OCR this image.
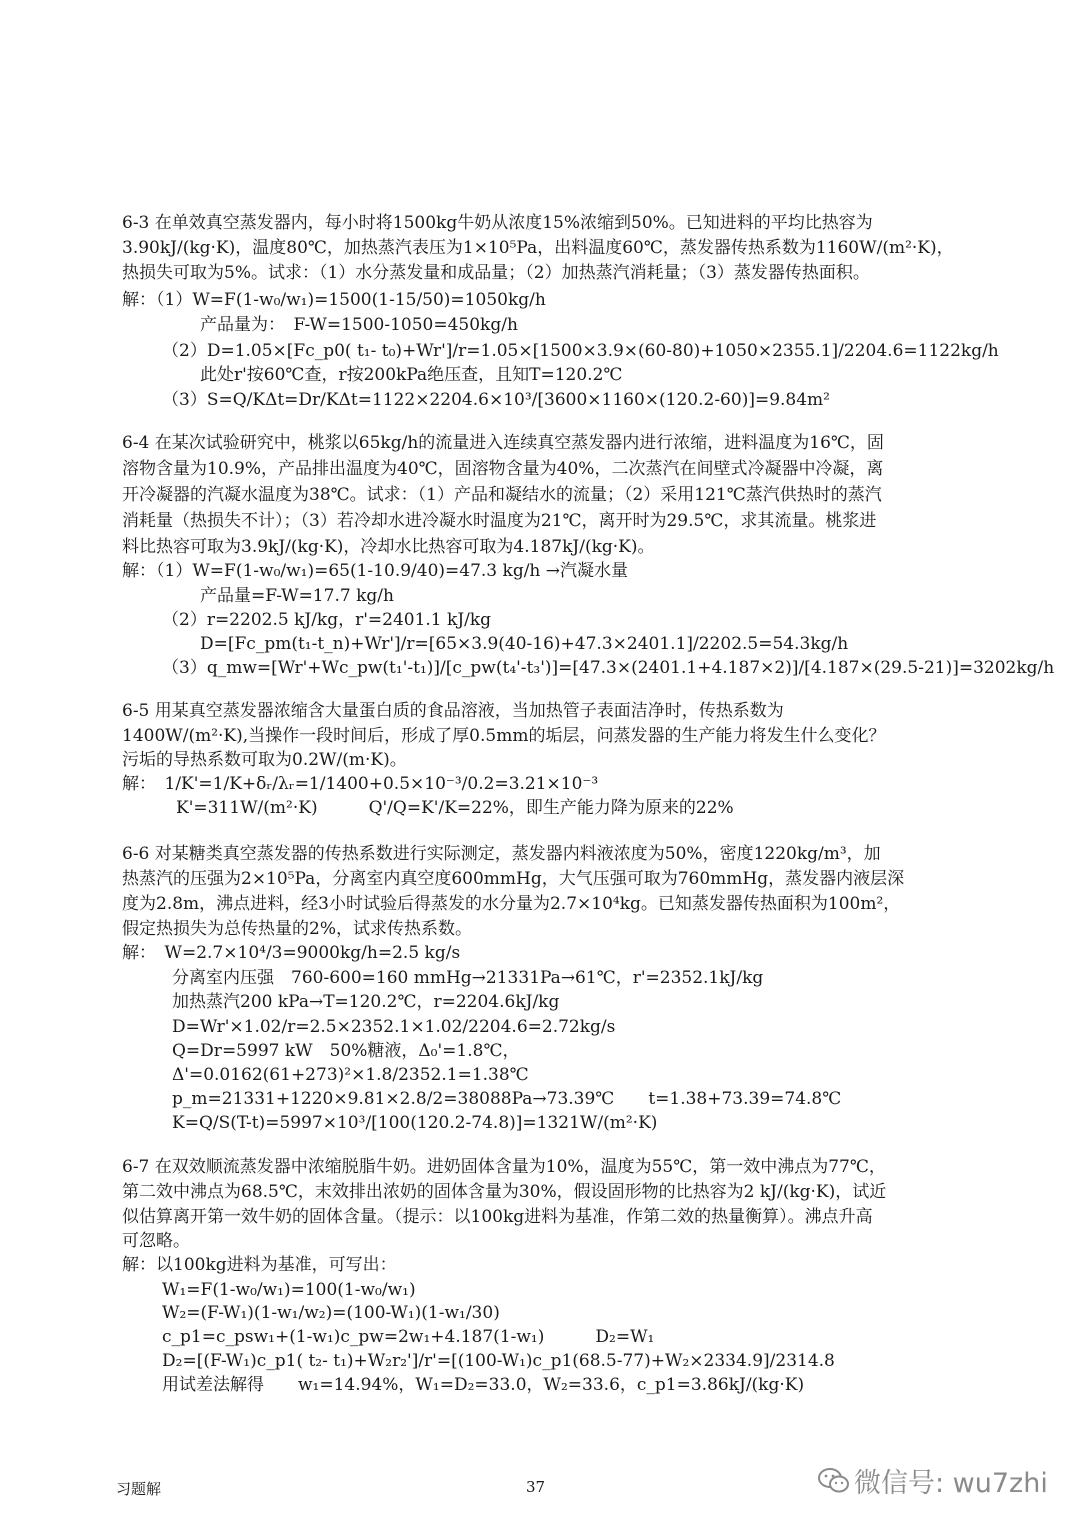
6-3 在单效真空蒸发器内，每小时将1500kg牛奶从浓度15%浓缩到50%。已知进料的平均比热容为
3.90kJ/(kg·K)，温度80℃，加热蒸汽表压为1×10⁵Pa，出料温度60℃，蒸发器传热系数为1160W/(m²·K)，
热损失可取为5%。试求：（1）水分蒸发量和成品量；（2）加热蒸汽消耗量；（3）蒸发器传热面积。
解：（1）W=F(1-w₀/w₁)=1500(1-15/50)=1050kg/h
产品量为：　F-W=1500-1050=450kg/h
（2）D=1.05×[Fc_p0( t₁- t₀)+Wr']/r=1.05×[1500×3.9×(60-80)+1050×2355.1]/2204.6=1122kg/h
此处r'按60℃查，r按200kPa绝压查，且知T=120.2℃
（3）S=Q/KΔt=Dr/KΔt=1122×2204.6×10³/[3600×1160×(120.2-60)]=9.84m²
6-4 在某次试验研究中，桃浆以65kg/h的流量进入连续真空蒸发器内进行浓缩，进料温度为16℃，固
溶物含量为10.9%，产品排出温度为40℃，固溶物含量为40%，二次蒸汽在间壁式冷凝器中冷凝，离
开冷凝器的汽凝水温度为38℃。试求：（1）产品和凝结水的流量；（2）采用121℃蒸汽供热时的蒸汽
消耗量（热损失不计）；（3）若冷却水进冷凝水时温度为21℃，离开时为29.5℃，求其流量。桃浆进
料比热容可取为3.9kJ/(kg·K)，冷却水比热容可取为4.187kJ/(kg·K)。
解：（1）W=F(1-w₀/w₁)=65(1-10.9/40)=47.3 kg/h →汽凝水量
产品量=F-W=17.7 kg/h
（2）r=2202.5 kJ/kg，r'=2401.1 kJ/kg
D=[Fc_pm(t₁-t_n)+Wr']/r=[65×3.9(40-16)+47.3×2401.1]/2202.5=54.3kg/h
（3）q_mw=[Wr'+Wc_pw(t₁'-t₁)]/[c_pw(t₄'-t₃')]=[47.3×(2401.1+4.187×2)]/[4.187×(29.5-21)]=3202kg/h
6-5 用某真空蒸发器浓缩含大量蛋白质的食品溶液，当加热管子表面洁净时，传热系数为
1400W/(m²·K),当操作一段时间后，形成了厚0.5mm的垢层，问蒸发器的生产能力将发生什么变化？
污垢的导热系数可取为0.2W/(m·K)。
解：　1/K'=1/K+δᵣ/λᵣ=1/1400+0.5×10⁻³/0.2=3.21×10⁻³
K'=311W/(m²·K)　　　Q'/Q=K'/K=22%，即生产能力降为原来的22%
6-6 对某糖类真空蒸发器的传热系数进行实际测定，蒸发器内料液浓度为50%，密度1220kg/m³，加
热蒸汽的压强为2×10⁵Pa，分离室内真空度600mmHg，大气压强可取为760mmHg，蒸发器内液层深
度为2.8m，沸点进料，经3小时试验后得蒸发的水分量为2.7×10⁴kg。已知蒸发器传热面积为100m²，
假定热损失为总传热量的2%，试求传热系数。
解：　W=2.7×10⁴/3=9000kg/h=2.5 kg/s
分离室内压强　760-600=160 mmHg→21331Pa→61℃，r'=2352.1kJ/kg
加热蒸汽200 kPa→T=120.2℃，r=2204.6kJ/kg
D=Wr'×1.02/r=2.5×2352.1×1.02/2204.6=2.72kg/s
Q=Dr=5997 kW　50%糖液，Δ₀'=1.8℃，
Δ'=0.0162(61+273)²×1.8/2352.1=1.38℃
p_m=21331+1220×9.81×2.8/2=38088Pa→73.39℃　　t=1.38+73.39=74.8℃
K=Q/S(T-t)=5997×10³/[100(120.2-74.8)]=1321W/(m²·K)
6-7 在双效顺流蒸发器中浓缩脱脂牛奶。进奶固体含量为10%，温度为55℃，第一效中沸点为77℃，
第二效中沸点为68.5℃，末效排出浓奶的固体含量为30%，假设固形物的比热容为2 kJ/(kg·K)，试近
似估算离开第一效牛奶的固体含量。（提示：以100kg进料为基准，作第二效的热量衡算）。沸点升高
可忽略。
解：以100kg进料为基准，可写出：
W₁=F(1-w₀/w₁)=100(1-w₀/w₁)
W₂=(F-W₁)(1-w₁/w₂)=(100-W₁)(1-w₁/30)
c_p1=c_psw₁+(1-w₁)c_pw=2w₁+4.187(1-w₁)　　　D₂=W₁
D₂=[(F-W₁)c_p1( t₂- t₁)+W₂r₂']/r'=[(100-W₁)c_p1(68.5-77)+W₂×2334.9]/2314.8
用试差法解得　　w₁=14.94%，W₁=D₂=33.0，W₂=33.6，c_p1=3.86kJ/(kg·K)
习题解	37	微信号: wu7zhi
